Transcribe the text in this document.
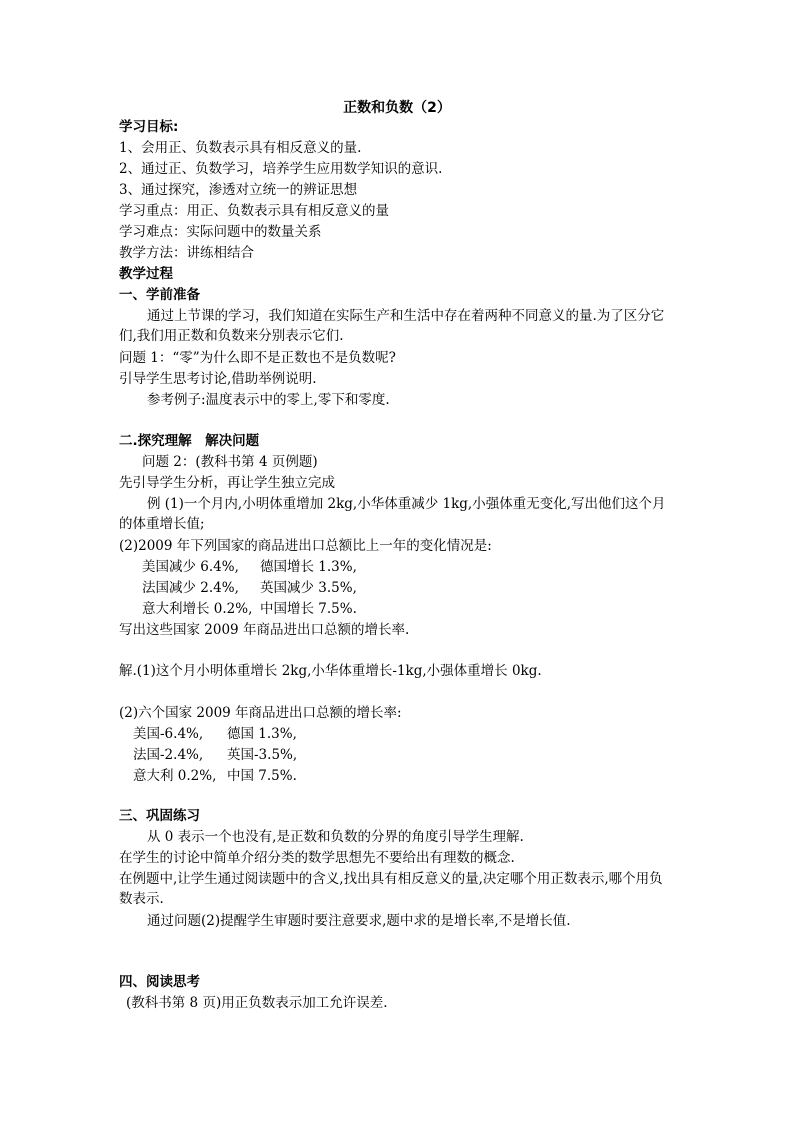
正数和负数（2）
学习目标:
1、会用正、负数表示具有相反意义的量.
2、通过正、负数学习，培养学生应用数学知识的意识.
3、通过探究，渗透对立统一的辨证思想
学习重点：用正、负数表示具有相反意义的量
学习难点：实际问题中的数量关系
教学方法：讲练相结合
教学过程
一、学前准备
通过上节课的学习，我们知道在实际生产和生活中存在着两种不同意义的量.为了区分它们,我们用正数和负数来分别表示它们.
问题 1：“零”为什么即不是正数也不是负数呢?
引导学生思考讨论,借助举例说明.
参考例子:温度表示中的零上,零下和零度.
二.探究理解　解决问题
问题 2：(教科书第 4 页例题)
先引导学生分析，再让学生独立完成
例 (1)一个月内,小明体重增加 2kg,小华体重减少 1kg,小强体重无变化,写出他们这个月的体重增长值;
(2)2009 年下列国家的商品进出口总额比上一年的变化情况是:
美国减少 6.4%, 德国增长 1.3%,
法国减少 2.4%, 英国减少 3.5%,
意大利增长 0.2%, 中国增长 7.5%.
写出这些国家 2009 年商品进出口总额的增长率.
解.(1)这个月小明体重增长 2kg,小华体重增长-1kg,小强体重增长 0kg.
(2)六个国家 2009 年商品进出口总额的增长率:
美国-6.4%, 德国 1.3%,
法国-2.4%, 英国-3.5%,
意大利 0.2%, 中国 7.5%.
三、巩固练习
从 0 表示一个也没有,是正数和负数的分界的角度引导学生理解.
在学生的讨论中简单介绍分类的数学思想先不要给出有理数的概念.
在例题中,让学生通过阅读题中的含义,找出具有相反意义的量,决定哪个用正数表示,哪个用负数表示.
通过问题(2)提醒学生审题时要注意要求,题中求的是增长率,不是增长值.
四、阅读思考
(教科书第 8 页)用正负数表示加工允许误差.
